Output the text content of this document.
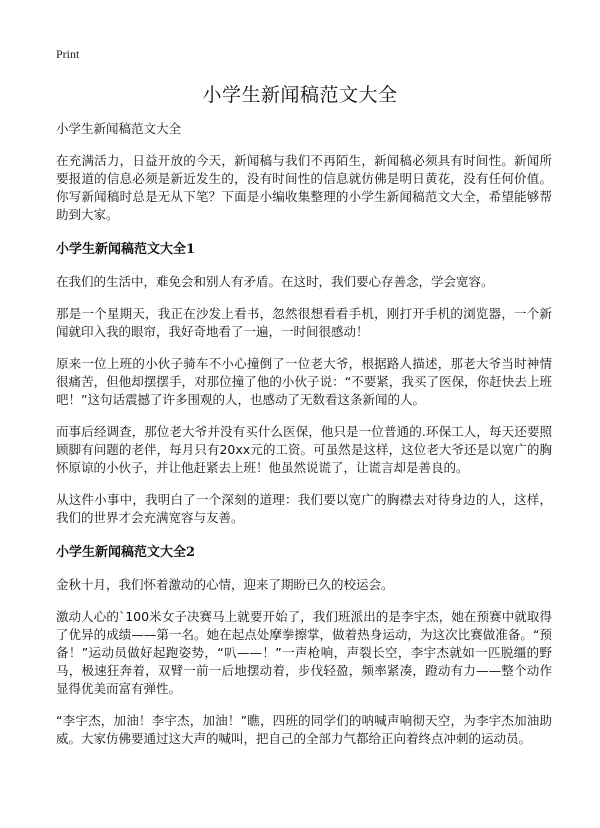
Print
小学生新闻稿范文大全
小学生新闻稿范文大全

在充满活力，日益开放的今天，新闻稿与我们不再陌生，新闻稿必须具有时间性。新闻所要报道的信息必须是新近发生的，没有时间性的信息就仿佛是明日黄花，没有任何价值。你写新闻稿时总是无从下笔？下面是小编收集整理的小学生新闻稿范文大全，希望能够帮助到大家。

小学生新闻稿范文大全1

在我们的生活中，难免会和别人有矛盾。在这时，我们要心存善念，学会宽容。

那是一个星期天，我正在沙发上看书，忽然很想看看手机，刚打开手机的浏览器，一个新闻就印入我的眼帘，我好奇地看了一遍，一时间很感动！

原来一位上班的小伙子骑车不小心撞倒了一位老大爷，根据路人描述，那老大爷当时神情很痛苦，但他却摆摆手，对那位撞了他的小伙子说：“不要紧，我买了医保，你赶快去上班吧！”这句话震撼了许多围观的人，也感动了无数看这条新闻的人。

而事后经调查，那位老大爷并没有买什么医保，他只是一位普通的.环保工人，每天还要照顾脚有问题的老伴，每月只有20xx元的工资。可虽然是这样，这位老大爷还是以宽广的胸怀原谅的小伙子，并让他赶紧去上班！他虽然说谎了，让谎言却是善良的。

从这件小事中，我明白了一个深刻的道理：我们要以宽广的胸襟去对待身边的人，这样，我们的世界才会充满宽容与友善。

小学生新闻稿范文大全2

金秋十月，我们怀着激动的心情，迎来了期盼已久的校运会。

激动人心的`100米女子决赛马上就要开始了，我们班派出的是李宇杰，她在预赛中就取得了优异的成绩——第一名。她在起点处摩拳擦掌，做着热身运动，为这次比赛做准备。“预备！”运动员做好起跑姿势，“叭——！”一声枪响，声裂长空，李宇杰就如一匹脱缰的野马，极速狂奔着，双臂一前一后地摆动着，步伐轻盈，频率紧凑，蹬动有力——整个动作显得优美而富有弹性。

“李宇杰，加油！李宇杰，加油！”瞧，四班的同学们的呐喊声响彻天空，为李宇杰加油助威。大家仿佛要通过这大声的喊叫，把自己的全部力气都给正向着终点冲刺的运动员。
